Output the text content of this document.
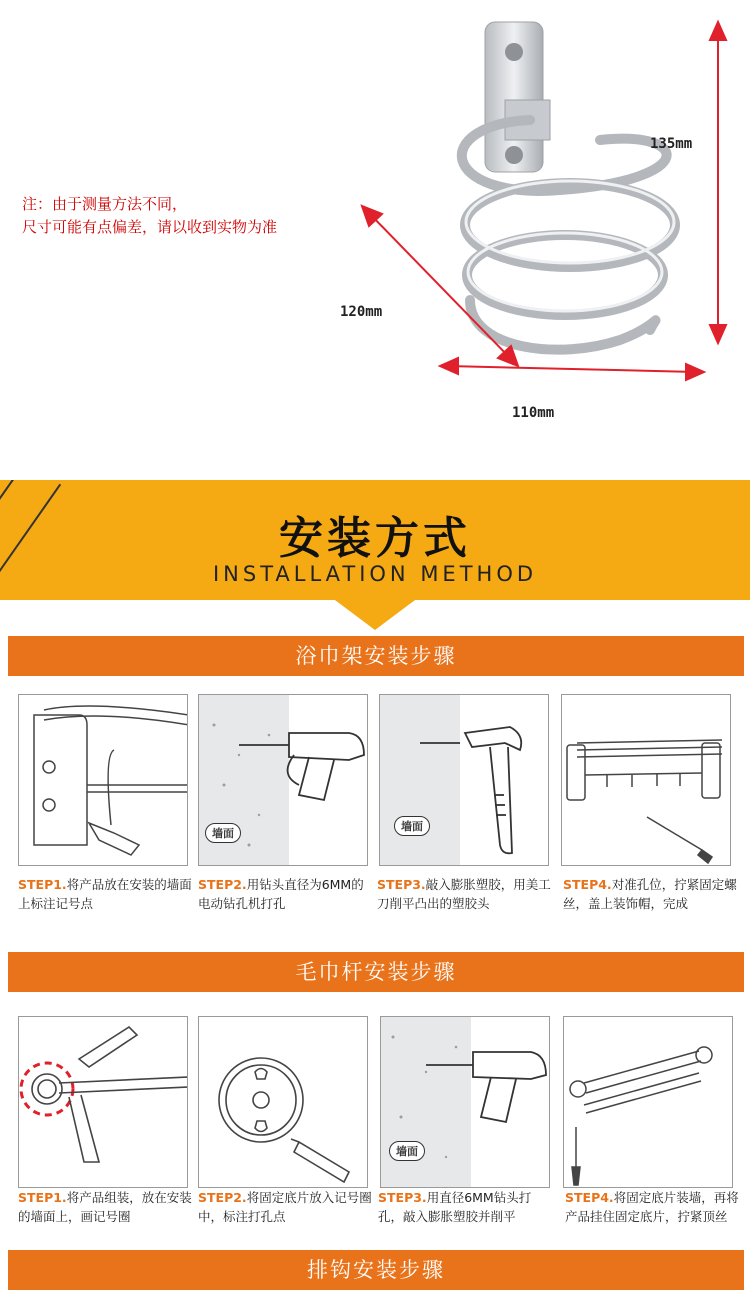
注：由于测量方法不同，
尺寸可能有点偏差，请以收到实物为准
135mm
120mm
110mm
安装方式
INSTALLATION METHOD
浴巾架安装步骤
STEP1.将产品放在安装的墙面上标注记号点
墙面
STEP2.用钻头直径为6MM的电动钻孔机打孔
墙面
STEP3.敲入膨胀塑胶，用美工刀削平凸出的塑胶头
STEP4.对准孔位，拧紧固定螺丝，盖上装饰帽，完成
毛巾杆安装步骤
STEP1.将产品组装，放在安装的墙面上，画记号圈
STEP2.将固定底片放入记号圈中，标注打孔点
墙面
STEP3.用直径6MM钻头打孔，敲入膨胀塑胶并削平
STEP4.将固定底片装墙，再将产品挂住固定底片，拧紧顶丝
排钩安装步骤
